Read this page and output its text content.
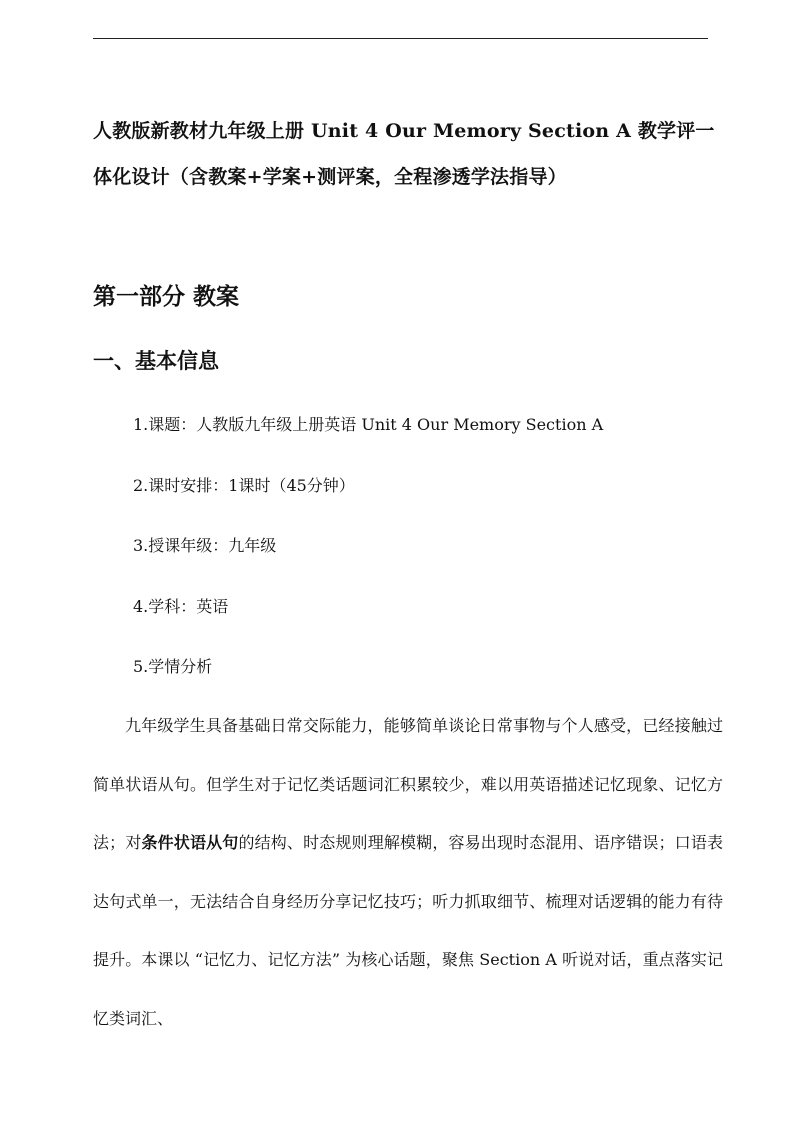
人教版新教材九年级上册 Unit 4 Our Memory Section A 教学评一体化设计（含教案+学案+测评案，全程渗透学法指导）
第一部分 教案
一、基本信息
1.课题：人教版九年级上册英语 Unit 4 Our Memory Section A
2.课时安排：1课时（45分钟）
3.授课年级：九年级
4.学科：英语
5.学情分析

九年级学生具备基础日常交际能力，能够简单谈论日常事物与个人感受，已经接触过简单状语从句。但学生对于记忆类话题词汇积累较少，难以用英语描述记忆现象、记忆方法；对条件状语从句的结构、时态规则理解模糊，容易出现时态混用、语序错误；口语表达句式单一，无法结合自身经历分享记忆技巧；听力抓取细节、梳理对话逻辑的能力有待提升。本课以 “记忆力、记忆方法” 为核心话题，聚焦 Section A 听说对话，重点落实记忆类词汇、
